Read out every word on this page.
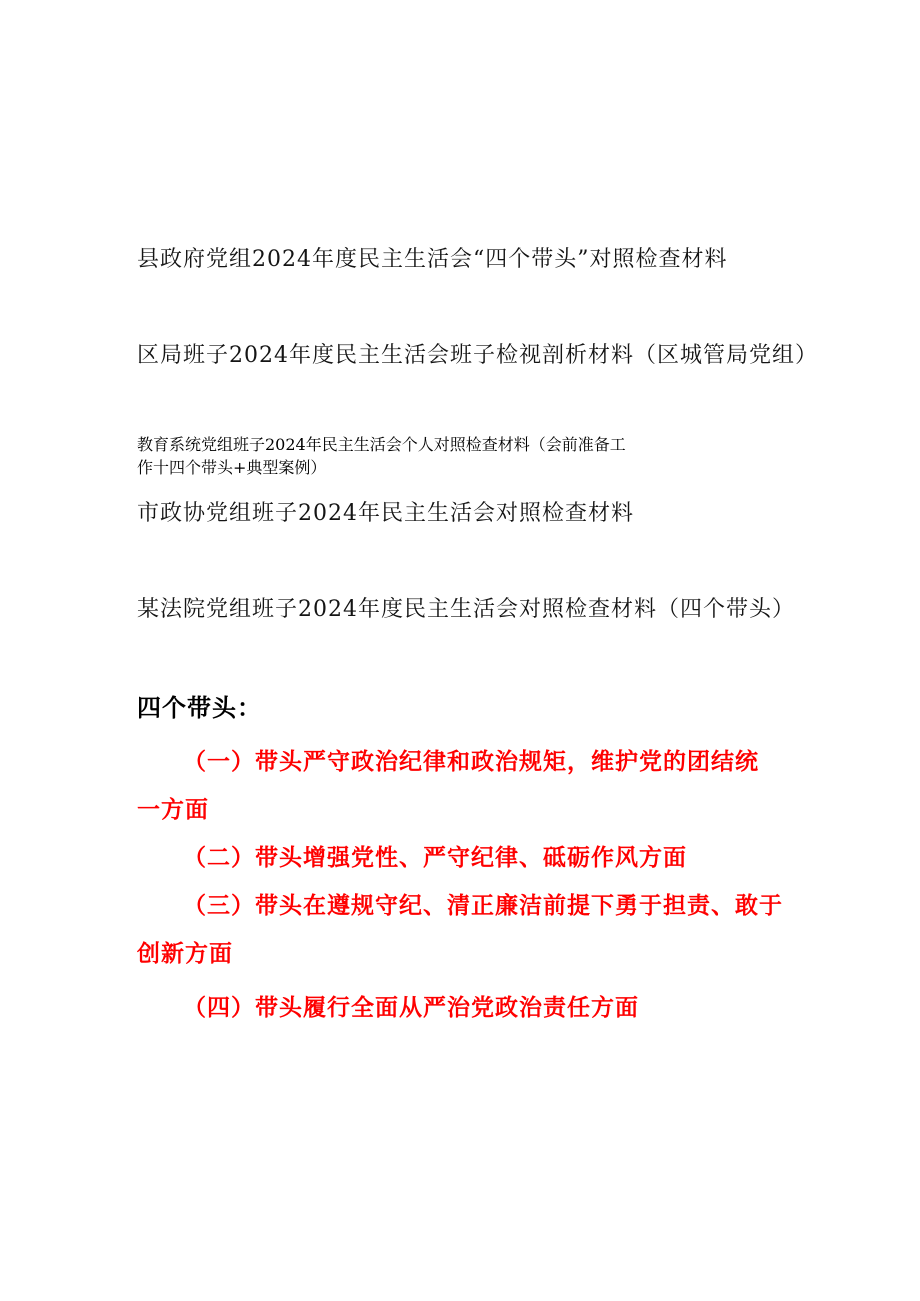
县政府党组2024年度民主生活会“四个带头”对照检查材料

区局班子2024年度民主生活会班子检视剖析材料（区城管局党组）

教育系统党组班子2024年民主生活会个人对照检查材料（会前准备工
作十四个带头+典型案例）

市政协党组班子2024年民主生活会对照检查材料

某法院党组班子2024年度民主生活会对照检查材料（四个带头）

四个带头：

（一）带头严守政治纪律和政治规矩，维护党的团结统
一方面
（二）带头增强党性、严守纪律、砥砺作风方面
（三）带头在遵规守纪、清正廉洁前提下勇于担责、敢于
创新方面
（四）带头履行全面从严治党政治责任方面
